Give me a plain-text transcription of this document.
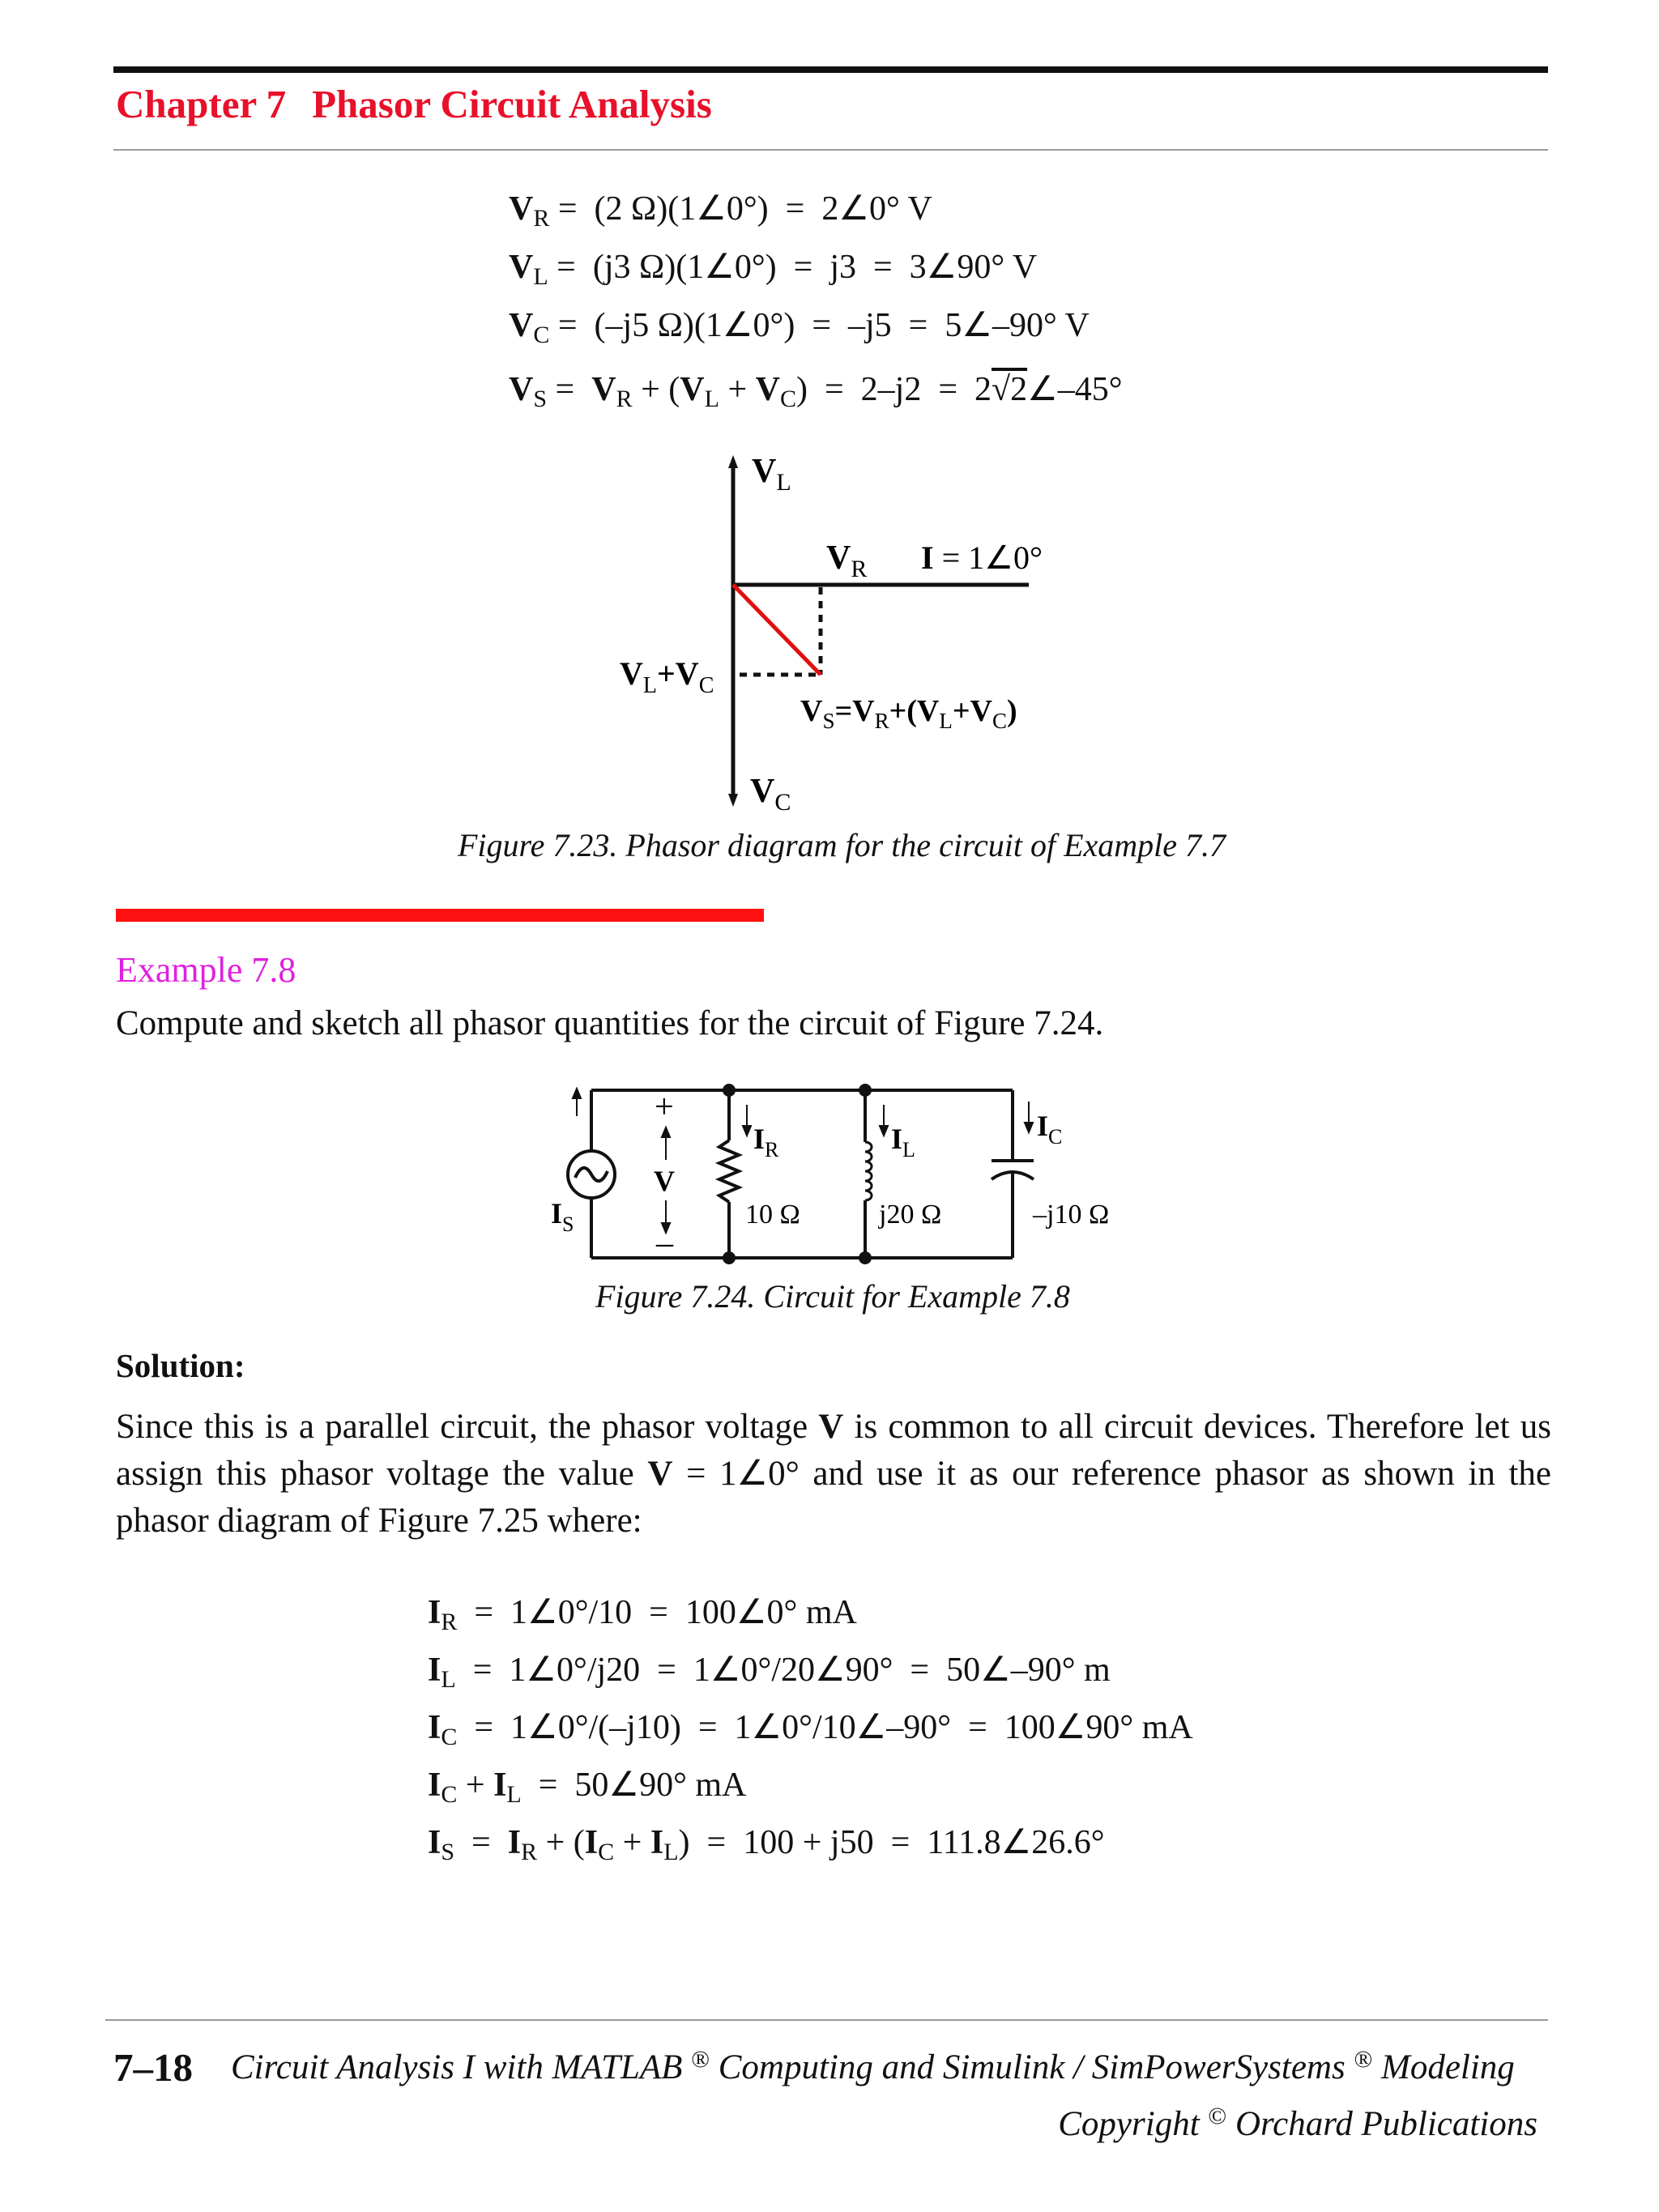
Chapter 7 Phasor Circuit Analysis
$V_R = (2$ Ω)(1∠0°)  =  2∠0° V
$V_L = (j3$ Ω)(1∠0°)  =  j3  =  3∠90° V
$V_C = (-j5$ Ω)(1∠0°)  =  –j5  =  5∠–90° V
$V_S = V_R + (V_L + V_C) = 2-j2$  =  2√2∠–45°
$V_L$
$V_R$ I = 1∠0°
$V_L+V_C$
$V_S=V_R+(V_L+V_C)$
$V_C$
Figure 7.23. Phasor diagram for the circuit of Example 7.7
Example 7.8
Compute and sketch all phasor quantities for the circuit of Figure 7.24.
+
V
–
$I_S$
$I_R$
10 Ω
$I_L$
j20 Ω
$I_C$
–j10 Ω
Figure 7.24. Circuit for Example 7.8
Solution:
Since this is a parallel circuit, the phasor voltage V is common to all circuit devices. Therefore let us assign this phasor voltage the value V = 1∠0° and use it as our reference phasor as shown in the phasor diagram of Figure 7.25 where:
$I_R$  =  1∠0°/10  =  100∠0° mA
$I_L$  =  1∠0°/j20  =  1∠0°/20∠90°  =  50∠–90° m
$I_C$  =  1∠0°/(–j10)  =  1∠0°/10∠–90°  =  100∠90° mA
$I_C + I_L$  =  50∠90° mA
$I_S = I_R + (I_C + I_L) = 100 + j50$  =  111.8∠26.6°
7–18 Circuit Analysis I with MATLAB ® Computing and Simulink / SimPowerSystems ® Modeling
Copyright © Orchard Publications
